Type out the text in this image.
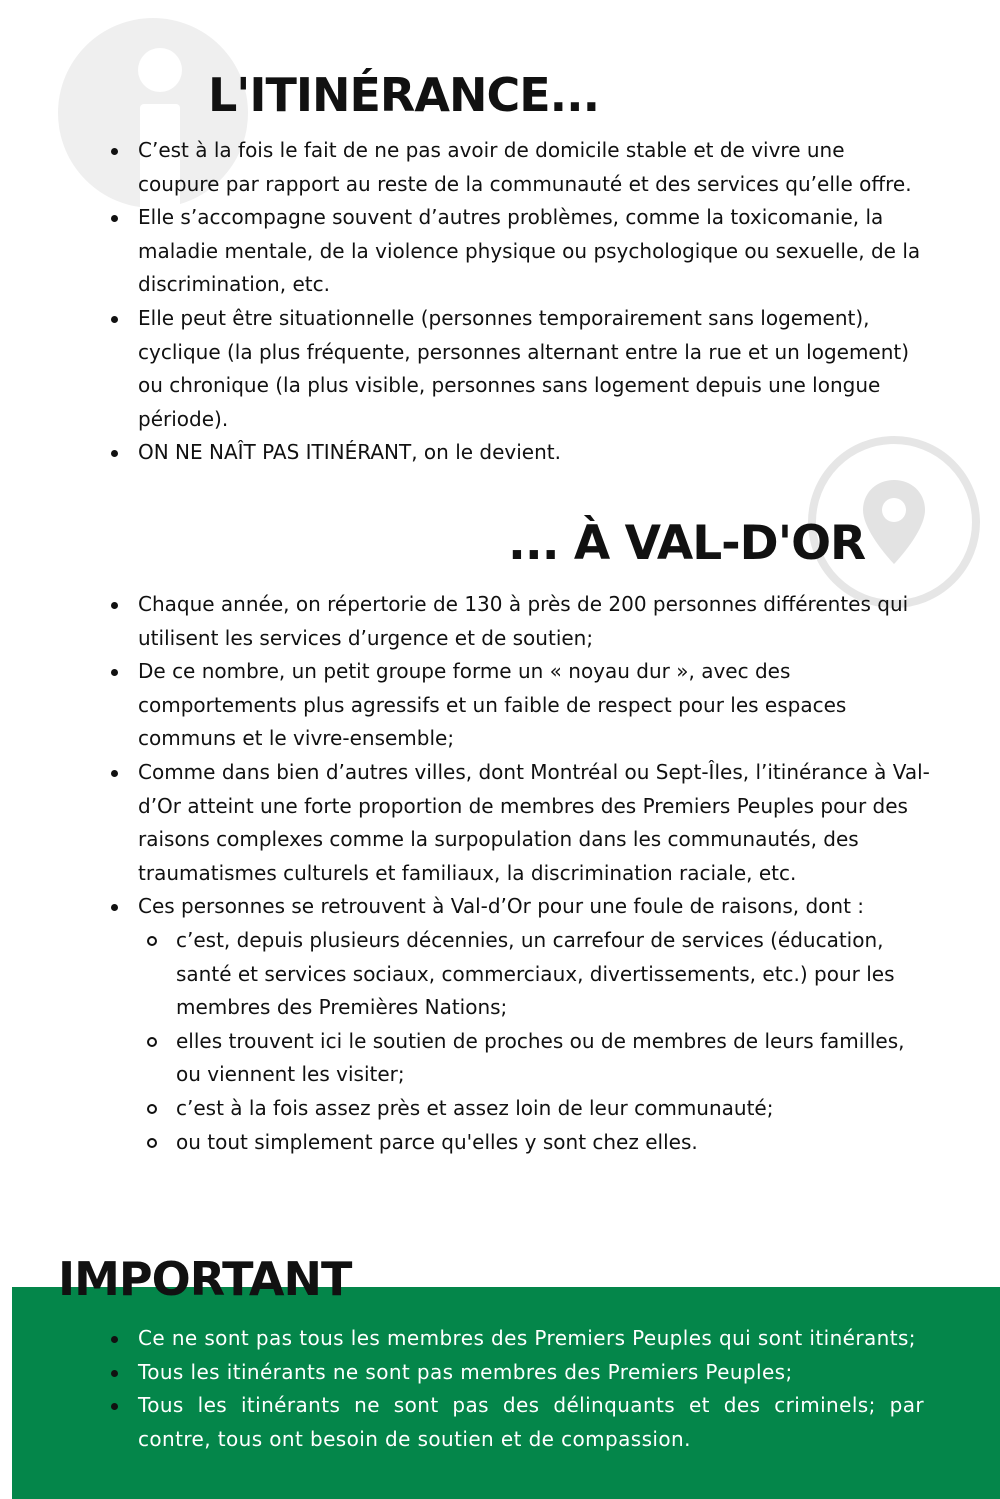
L'ITINÉRANCE...
C’est à la fois le fait de ne pas avoir de domicile stable et de vivre une coupure par rapport au reste de la communauté et des services qu’elle offre.
Elle s’accompagne souvent d’autres problèmes, comme la toxicomanie, la maladie mentale, de la violence physique ou psychologique ou sexuelle, de la discrimination, etc.
Elle peut être situationnelle (personnes temporairement sans logement), cyclique (la plus fréquente, personnes alternant entre la rue et un logement) ou chronique (la plus visible, personnes sans logement depuis une longue période).
ON NE NAÎT PAS ITINÉRANT, on le devient.
... À VAL-D'OR
Chaque année, on répertorie de 130 à près de 200 personnes différentes qui utilisent les services d’urgence et de soutien;
De ce nombre, un petit groupe forme un « noyau dur », avec des comportements plus agressifs et un faible de respect pour les espaces communs et le vivre-ensemble;
Comme dans bien d’autres villes, dont Montréal ou Sept-Îles, l’itinérance à Val-d’Or atteint une forte proportion de membres des Premiers Peuples pour des raisons complexes comme la surpopulation dans les communautés, des traumatismes culturels et familiaux, la discrimination raciale, etc.
Ces personnes se retrouvent à Val-d’Or pour une foule de raisons, dont :
c’est, depuis plusieurs décennies, un carrefour de services (éducation, santé et services sociaux, commerciaux, divertissements, etc.) pour les membres des Premières Nations;
elles trouvent ici le soutien de proches ou de membres de leurs familles, ou viennent les visiter;
c’est à la fois assez près et assez loin de leur communauté;
ou tout simplement parce qu'elles y sont chez elles.
IMPORTANT
Ce ne sont pas tous les membres des Premiers Peuples qui sont itinérants;
Tous les itinérants ne sont pas membres des Premiers Peuples;
Tous les itinérants ne sont pas des délinquants et des criminels; par contre, tous ont besoin de soutien et de compassion.
